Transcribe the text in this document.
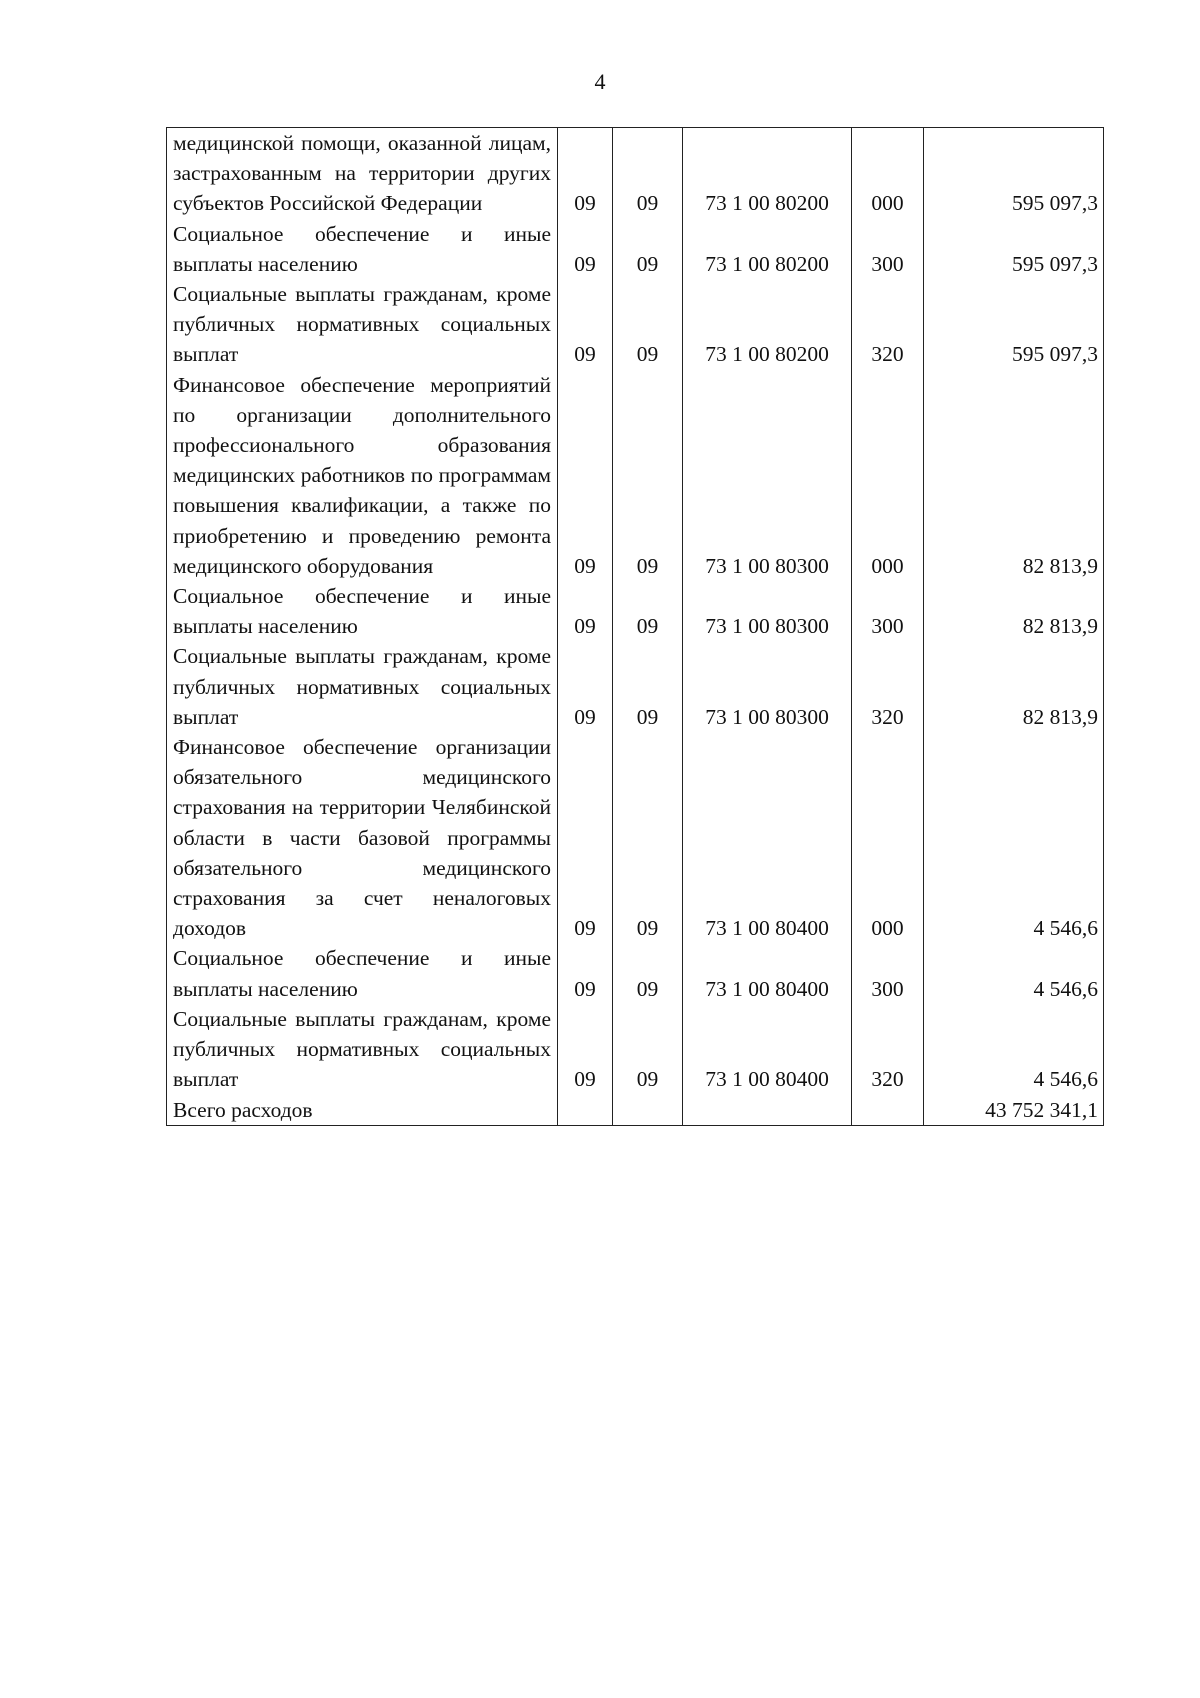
4
медицинской помощи, оказанной лицам, застрахованным на территории других субъектов Российской Федерации	09	09	73 1 00 80200	000	595 097,3
Социальное обеспечение и иные выплаты населению	09	09	73 1 00 80200	300	595 097,3
Социальные выплаты гражданам, кроме публичных нормативных социальных выплат	09	09	73 1 00 80200	320	595 097,3
Финансовое обеспечение мероприятий по организации дополнительного профессионального образования медицинских работников по программам повышения квалификации, а также по приобретению и проведению ремонта медицинского оборудования	09	09	73 1 00 80300	000	82 813,9
Социальное обеспечение и иные выплаты населению	09	09	73 1 00 80300	300	82 813,9
Социальные выплаты гражданам, кроме публичных нормативных социальных выплат	09	09	73 1 00 80300	320	82 813,9
Финансовое обеспечение организации обязательного медицинского страхования на территории Челябинской области в части базовой программы обязательного медицинского страхования за счет неналоговых доходов	09	09	73 1 00 80400	000	4 546,6
Социальное обеспечение и иные выплаты населению	09	09	73 1 00 80400	300	4 546,6
Социальные выплаты гражданам, кроме публичных нормативных социальных выплат	09	09	73 1 00 80400	320	4 546,6
Всего расходов					43 752 341,1
